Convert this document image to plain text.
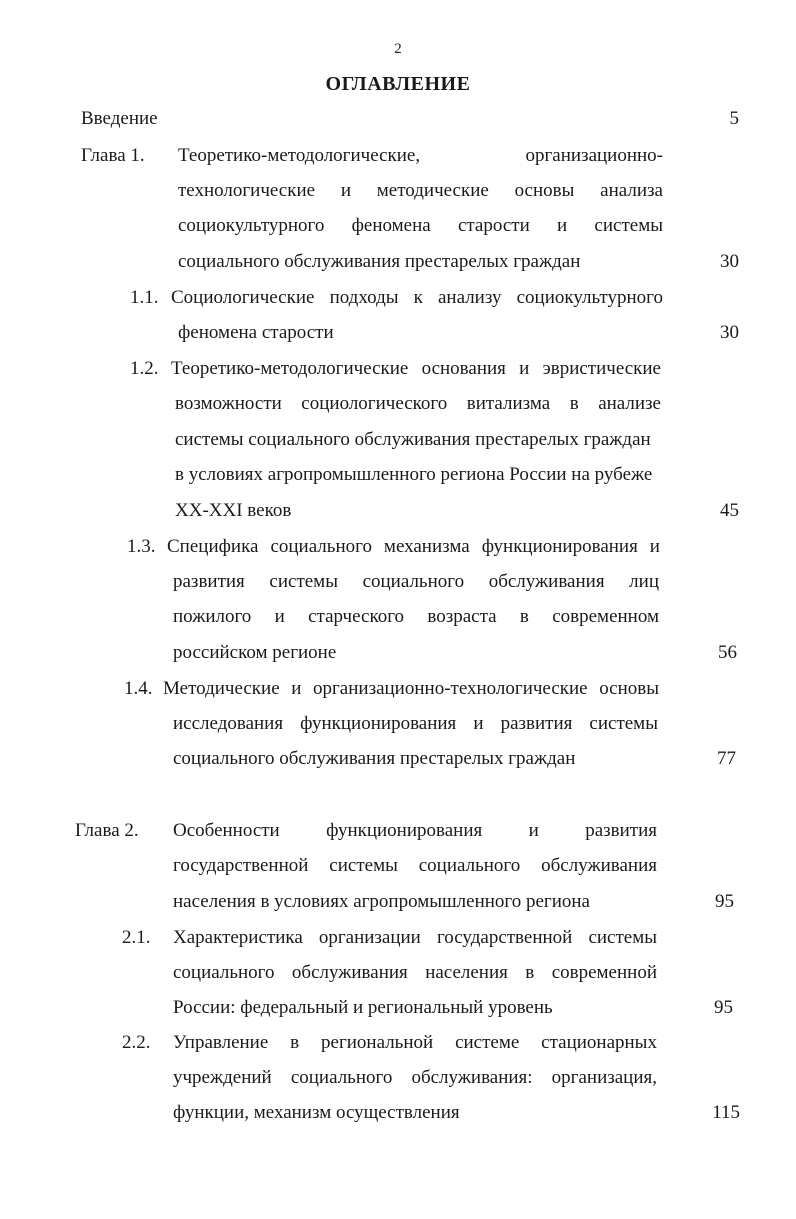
2
ОГЛАВЛЕНИЕ
Введение	5
Глава 1. Теоретико-методологические,	организационно-
технологические и методические основы анализа
социокультурного феномена старости и системы
социального обслуживания престарелых граждан	30
1.1. Социологические подходы к анализу социокультурного
феномена старости	30
1.2. Теоретико-методологические основания и эвристические
возможности социологического витализма в анализе
системы социального обслуживания престарелых граждан
в условиях агропромышленного региона России на рубеже
XX-XXI веков	45
1.3. Специфика социального механизма функционирования и
развития системы социального обслуживания лиц
пожилого и старческого возраста в современном
российском регионе	56
1.4. Методические и организационно-технологические основы
исследования функционирования и развития системы
социального обслуживания престарелых граждан	77
Глава 2. Особенности функционирования и развития
государственной системы социального обслуживания
населения в условиях агропромышленного региона	95
2.1. Характеристика организации государственной системы
социального обслуживания населения в современной
России: федеральный и региональный уровень	95
2.2. Управление в региональной системе стационарных
учреждений социального обслуживания: организация,
функции, механизм осуществления	115
